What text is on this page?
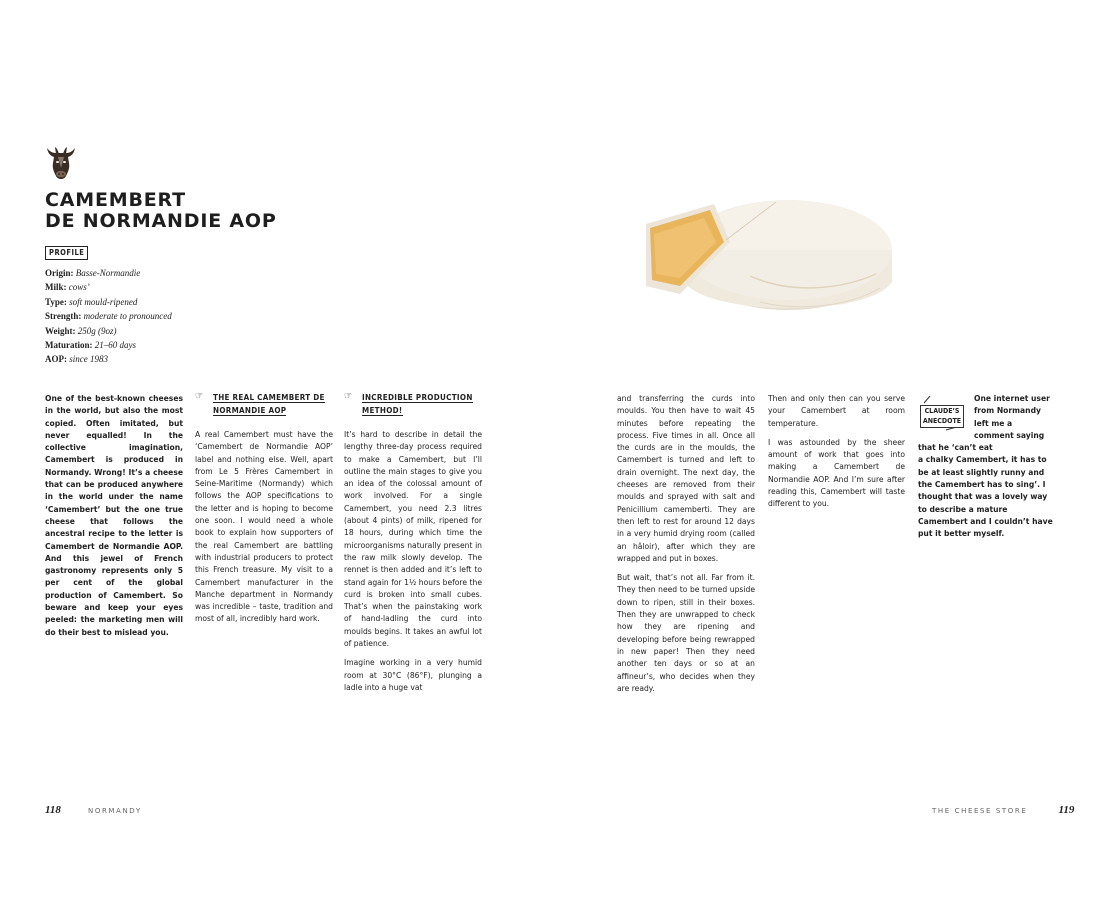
CAMEMBERT
DE NORMANDIE AOP
PROFILE
Origin: Basse-Normandie
Milk: cows’
Type: soft mould-ripened
Strength: moderate to pronounced
Weight: 250g (9oz)
Maturation: 21–60 days
AOP: since 1983

One of the best-known cheeses in the world, but also the most copied. Often imitated, but never equalled! In the collective imagination, Camembert is produced in Normandy. Wrong! It’s a cheese that can be produced anywhere in the world under the name ‘Camembert’ but the one true cheese that follows the ancestral recipe to the letter is Camembert de Normandie AOP. And this jewel of French gastronomy represents only 5 per cent of the global production of Camembert. So beware and keep your eyes peeled: the marketing men will do their best to mislead you.

☞ THE REAL CAMEMBERT DE
NORMANDIE AOP

A real Camembert must have the ‘Camembert de Normandie AOP’ label and nothing else. Well, apart from Le 5 Frères Camembert in Seine-Maritime (Normandy) which follows the AOP specifications to the letter and is hoping to become one soon. I would need a whole book to explain how supporters of the real Camembert are battling with industrial producers to protect this French treasure. My visit to a Camembert manufacturer in the Manche department in Normandy was incredible – taste, tradition and most of all, incredibly hard work.

☞ INCREDIBLE PRODUCTION
METHOD!

It’s hard to describe in detail the lengthy three-day process required to make a Camembert, but I’ll outline the main stages to give you an idea of the colossal amount of work involved. For a single Camembert, you need 2.3 litres (about 4 pints) of milk, ripened for 18 hours, during which time the microorganisms naturally present in the raw milk slowly develop. The rennet is then added and it’s left to stand again for 1½ hours before the curd is broken into small cubes. That’s when the painstaking work of hand-ladling the curd into moulds begins. It takes an awful lot of patience.

Imagine working in a very humid room at 30°C (86°F), plunging a ladle into a huge vat

118	NORMANDY

and transferring the curds into moulds. You then have to wait 45 minutes before repeating the process. Five times in all. Once all the curds are in the moulds, the Camembert is turned and left to drain overnight. The next day, the cheeses are removed from their moulds and sprayed with salt and Penicillium camemberti. They are then left to rest for around 12 days in a very humid drying room (called an hâloir), after which they are wrapped and put in boxes.

But wait, that’s not all. Far from it. They then need to be turned upside down to ripen, still in their boxes. Then they are unwrapped to check how they are ripening and developing before being rewrapped in new paper! Then they need another ten days or so at an affineur’s, who decides when they are ready.

Then and only then can you serve your Camembert at room temperature.

I was astounded by the sheer amount of work that goes into making a Camembert de Normandie AOP. And I’m sure after reading this, Camembert will taste different to you.

CLAUDE’S
ANECDOTE
One internet user
from Normandy
left me a
comment saying
that he ‘can’t eat

a chalky Camembert, it has to be at least slightly runny and the Camembert has to sing’. I thought that was a lovely way to describe a mature Camembert and I couldn’t have put it better myself.

THE CHEESE STORE	119
